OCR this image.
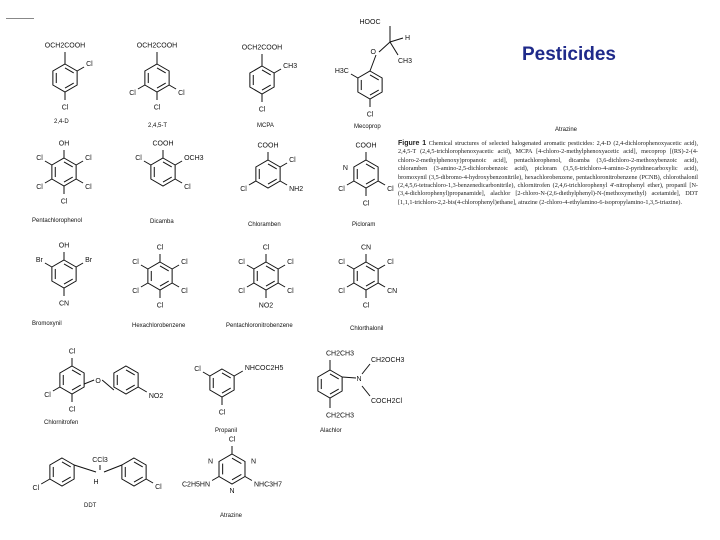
Pesticides
OCH2COOH
Cl
Cl
2,4-D
OCH2COOH
Cl
Cl
Cl
2,4,5-T
OCH2COOH
CH3
Cl
MCPA
H3C
Cl
O
HOOC
H
CH3
Mecoprop	Atrazine
OH
Cl
Cl
Cl
Cl
Cl
Pentachlorophenol
COOH
OCH3
Cl
Cl
Dicamba
COOH
Cl
NH2
Cl
Chloramben
COOH
Cl
Cl
Cl
N
Picloram
OH
Br
Br
CN
Bromoxynil
Cl
Cl
Cl
Cl
Cl
Cl
Hexachlorobenzene
Cl
Cl
Cl
Cl
Cl
NO2
Pentachloronitrobenzene
CN
CN
Cl
Cl
Cl
Cl
Chlorthalonil
Cl
Cl
Cl
O
NO2
Chlornitrofen
Cl
Cl
NHCOC2H5
Propanil
CH2CH3
CH2CH3
N
CH2OCH3
COCH2Cl
Alachlor
Cl
CCl3
H
Cl
DDT
Cl
C2H5HN	NHC3H7
N
N
N
Atrazine
Figure 1 Chemical structures of selected halogenated aromatic pesticides: 2,4-D (2,4-dichlorophenoxyacetic acid), 2,4,5-T (2,4,5-trichlorophenoxyacetic acid), MCPA [4-chloro-2-methylphenoxyacetic acid], mecoprop [(RS)-2-(4-chloro-2-methylphenoxy)propanoic acid], pentachlorophenol, dicamba (3,6-dichloro-2-methoxybenzoic acid), chloramben (3-amino-2,5-dichlorobenzoic acid), picloram (3,5,6-trichloro-4-amino-2-pyridinecarboxylic acid), bromoxynil (3,5-dibromo-4-hydroxybenzonitrile), hexachlorobenzene, pentachloronitrobenzene (PCNB), chlorothalonil (2,4,5,6-tetrachloro-1,3-benzenedicarbonitrile), chlornitrofen (2,4,6-trichlorophenyl 4'-nitrophenyl ether), propanil [N-(3,4-dichlorophenyl)propanamide], alachlor [2-chloro-N-(2,6-diethylphenyl)-N-(methoxymethyl) acetamide], DDT [1,1,1-trichloro-2,2-bis(4-chlorophenyl)ethane], atrazine (2-chloro-4-ethylamino-6-isopropylamino-1,3,5-triazine).
